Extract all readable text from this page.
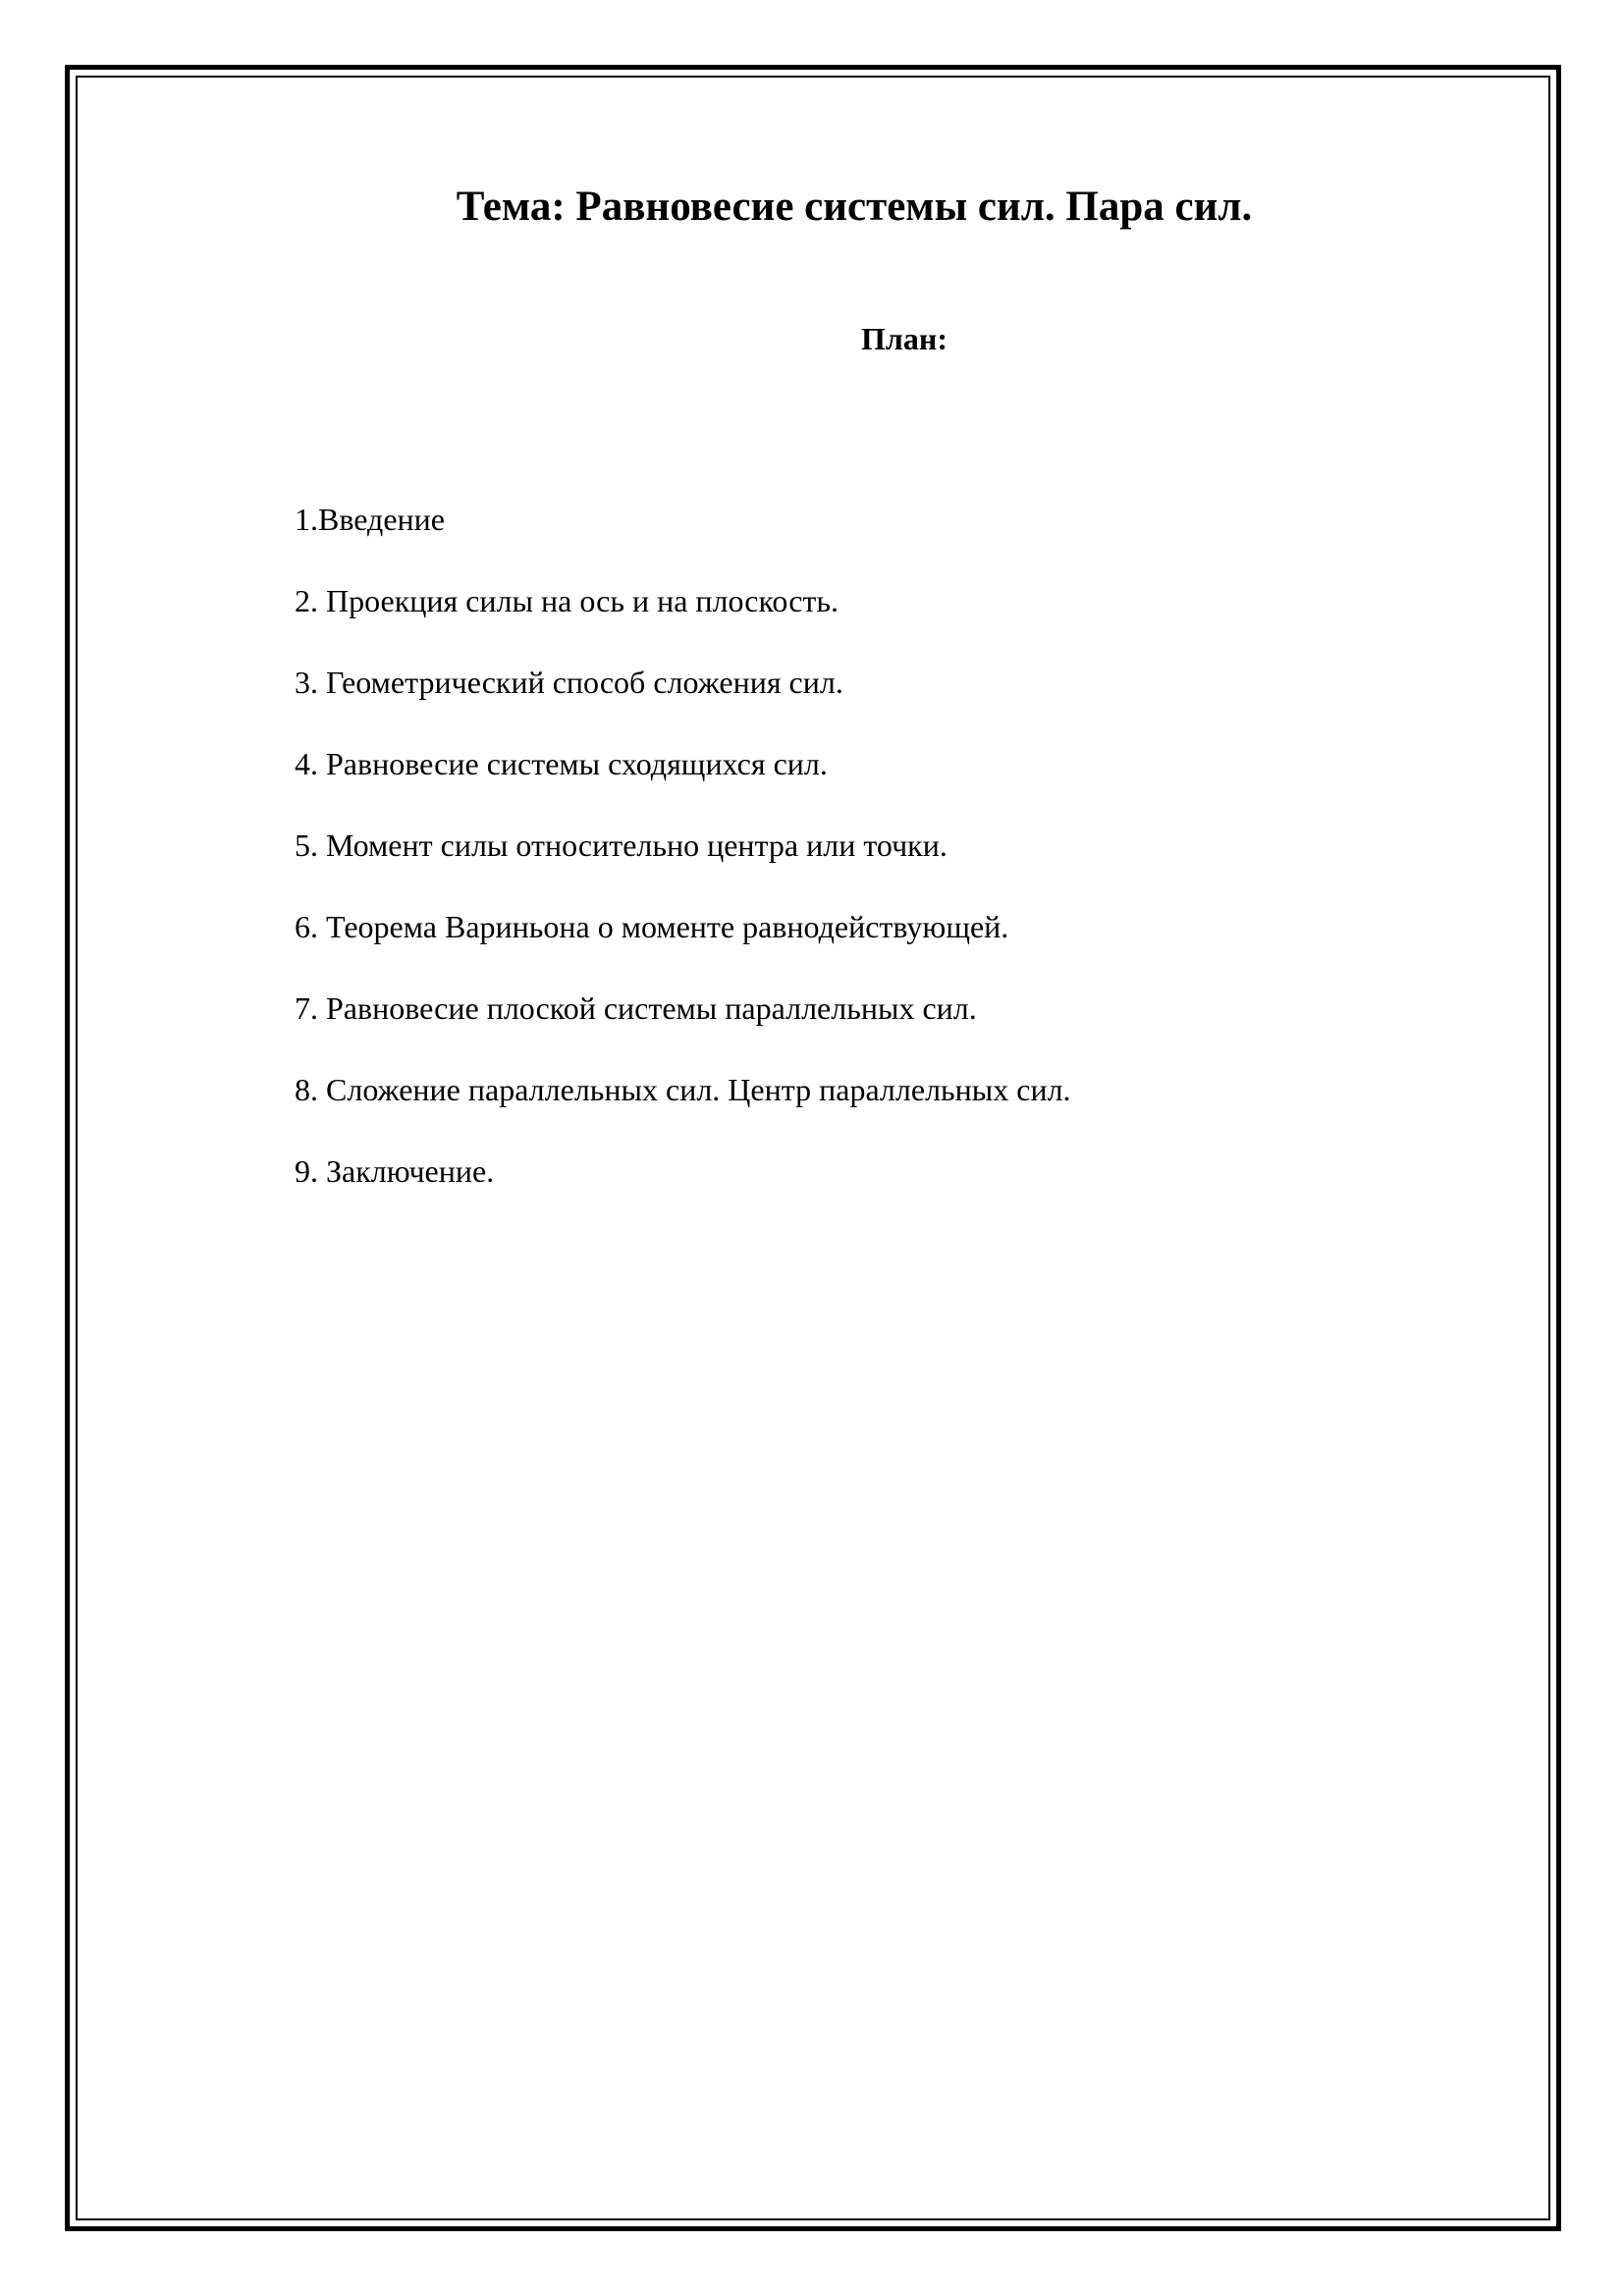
Тема: Равновесие системы сил. Пара сил.
План:
1.Введение
2. Проекция силы на ось и на плоскость.
3. Геометрический способ сложения сил.
4. Равновесие системы сходящихся сил.
5. Момент силы относительно центра или точки.
6. Теорема Вариньона о моменте равнодействующей.
7. Равновесие плоской системы параллельных сил.
8. Сложение параллельных сил. Центр параллельных сил.
9. Заключение.
